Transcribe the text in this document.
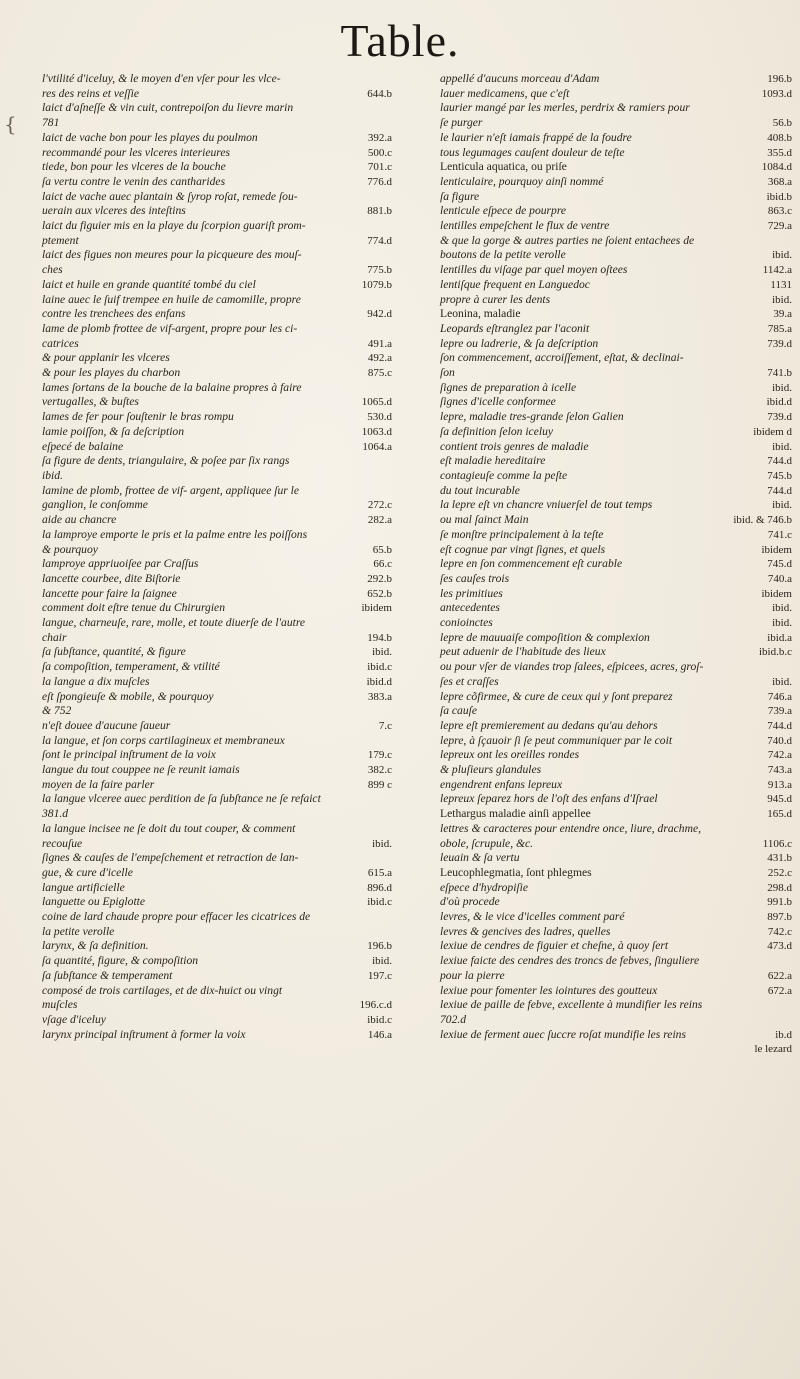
Table.
{
l'vtilité d'iceluy, & le moyen d'en vſer pour les vlce-
res des reins et veſſie	644.b
laict d'aſneſſe & vin cuit, contrepoiſon du lievre marin
781
laict de vache bon pour les playes du poulmon	392.a
recommandé pour les vlceres interieures	500.c
tiede, bon pour les vlceres de la bouche	701.c
ſa vertu contre le venin des cantharides	776.d
laict de vache auec plantain & ſyrop roſat, remede ſou-
uerain aux vlceres des inteſtins	881.b
laict du figuier mis en la playe du ſcorpion guariſt prom-
ptement	774.d
laict des figues non meures pour la picqueure des mouſ-
ches	775.b
laict et huile en grande quantité tombé du ciel	1079.b
laine auec le ſuif trempee en huile de camomille, propre
contre les trenchees des enfans	942.d
lame de plomb frottee de vif-argent, propre pour les ci-
catrices	491.a
& pour applanir les vlceres	492.a
& pour les playes du charbon	875.c
lames ſortans de la bouche de la balaine propres à faire
vertugalles, & buſtes	1065.d
lames de fer pour ſouſtenir le bras rompu	530.d
lamie poiſſon, & ſa deſcription	1063.d
eſpecé de balaine	1064.a
ſa figure de dents, triangulaire, & poſee par ſix rangs
ibid.
lamine de plomb, frottee de vif- argent, appliquee ſur le
ganglion, le conſomme	272.c
aide au chancre	282.a
la lamproye emporte le pris et la palme entre les poiſſons
& pourquoy	65.b
lamproye appriuoiſee par Craſſus	66.c
lancette courbee, dite Biſtorie	292.b
lancette pour faire la ſaignee	652.b
comment doit eſtre tenue du Chirurgien	ibidem
langue, charneuſe, rare, molle, et toute diuerſe de l'autre
chair	194.b
ſa ſubſtance, quantité, & figure	ibid.
ſa compoſition, temperament, & vtilité	ibid.c
la langue a dix muſcles	ibid.d
eſt ſpongieuſe & mobile, & pourquoy	383.a
& 752
n'eſt douee d'aucune ſaueur	7.c
la langue, et ſon corps cartilagineux et membraneux
ſont le principal inſtrument de la voix	179.c
langue du tout couppee ne ſe reunit iamais	382.c
moyen de la faire parler	899 c
la langue vlceree auec perdition de ſa ſubſtance ne ſe refaict
381.d
la langue incisee ne ſe doit du tout couper, & comment
recouſue	ibid.
ſignes & cauſes de l'empeſchement et retraction de lan-
gue, & cure d'icelle	615.a
langue artificielle	896.d
languette ou Epiglotte	ibid.c
coine de lard chaude propre pour effacer les cicatrices de
la petite verolle
larynx, & ſa definition.	196.b
ſa quantité, figure, & compoſition	ibid.
ſa ſubſtance & temperament	197.c
composé de trois cartilages, et de dix-huict ou vingt
muſcles	196.c.d
vſage d'iceluy	ibid.c
larynx principal inſtrument à former la voix	146.a
appellé d'aucuns morceau d'Adam	196.b
lauer medicamens, que c'eſt	1093.d
laurier mangé par les merles, perdrix & ramiers pour
ſe purger	56.b
le laurier n'eſt iamais frappé de la foudre	408.b
tous legumages cauſent douleur de teſte	355.d
Lenticula aquatica, ou priſe	1084.d
lenticulaire, pourquoy ainſi nommé	368.a
ſa figure	ibid.b
lenticule eſpece de pourpre	863.c
lentilles empeſchent le flux de ventre	729.a
& que la gorge & autres parties ne ſoient entachees de
boutons de la petite verolle	ibid.
lentilles du viſage par quel moyen oſtees	1142.a
lentiſque frequent en Languedoc	1131
propre à curer les dents	ibid.
Leonina, maladie	39.a
Leopards eſtranglez par l'aconit	785.a
lepre ou ladrerie, & ſa deſcription	739.d
ſon commencement, accroiſſement, eſtat, & declinai-
ſon	741.b
ſignes de preparation à icelle	ibid.
ſignes d'icelle conformee	ibid.d
lepre, maladie tres-grande ſelon Galien	739.d
ſa definition ſelon iceluy	ibidem d
contient trois genres de maladie	ibid.
eſt maladie hereditaire	744.d
contagieuſe comme la peſte	745.b
du tout incurable	744.d
la lepre eſt vn chancre vniuerſel de tout temps	ibid.
ou mal ſainct Main	ibid. & 746.b
ſe monſtre principalement à la teſte	741.c
eſt cognue par vingt ſignes, et quels	ibidem
lepre en ſon commencement eſt curable	745.d
ſes cauſes trois	740.a
les primitiues	ibidem
antecedentes	ibid.
conioinctes	ibid.
lepre de mauuaiſe compoſition & complexion	ibid.a
peut aduenir de l'habitude des lieux	ibid.b.c
ou pour vſer de viandes trop ſalees, eſpicees, acres, groſ-
ſes et craſſes	ibid.
lepre cõfirmee, & cure de ceux qui y ſont preparez	746.a
ſa cauſe	739.a
lepre eſt premierement au dedans qu'au dehors	744.d
lepre, à ſçauoir ſi ſe peut communiquer par le coit	740.d
lepreux ont les oreilles rondes	742.a
& pluſieurs glandules	743.a
engendrent enfans lepreux	913.a
lepreux ſeparez hors de l'oſt des enfans d'Iſrael	945.d
Lethargus maladie ainſi appellee	165.d
lettres & caracteres pour entendre once, liure, drachme,
obole, ſcrupule, &c.	1106.c
leuain & ſa vertu	431.b
Leucophlegmatia, ſont phlegmes	252.c
eſpece d'hydropiſie	298.d
d'où procede	991.b
levres, & le vice d'icelles comment paré	897.b
levres & gencives des ladres, quelles	742.c
lexiue de cendres de figuier et cheſne, à quoy ſert	473.d
lexiue faicte des cendres des troncs de febves, ſinguliere
pour la pierre	622.a
lexiue pour fomenter les iointures des goutteux	672.a
lexiue de paille de febve, excellente à mundifier les reins
702.d
lexiue de ferment auec ſuccre roſat mundifie les reins	ib.d
le lezard
